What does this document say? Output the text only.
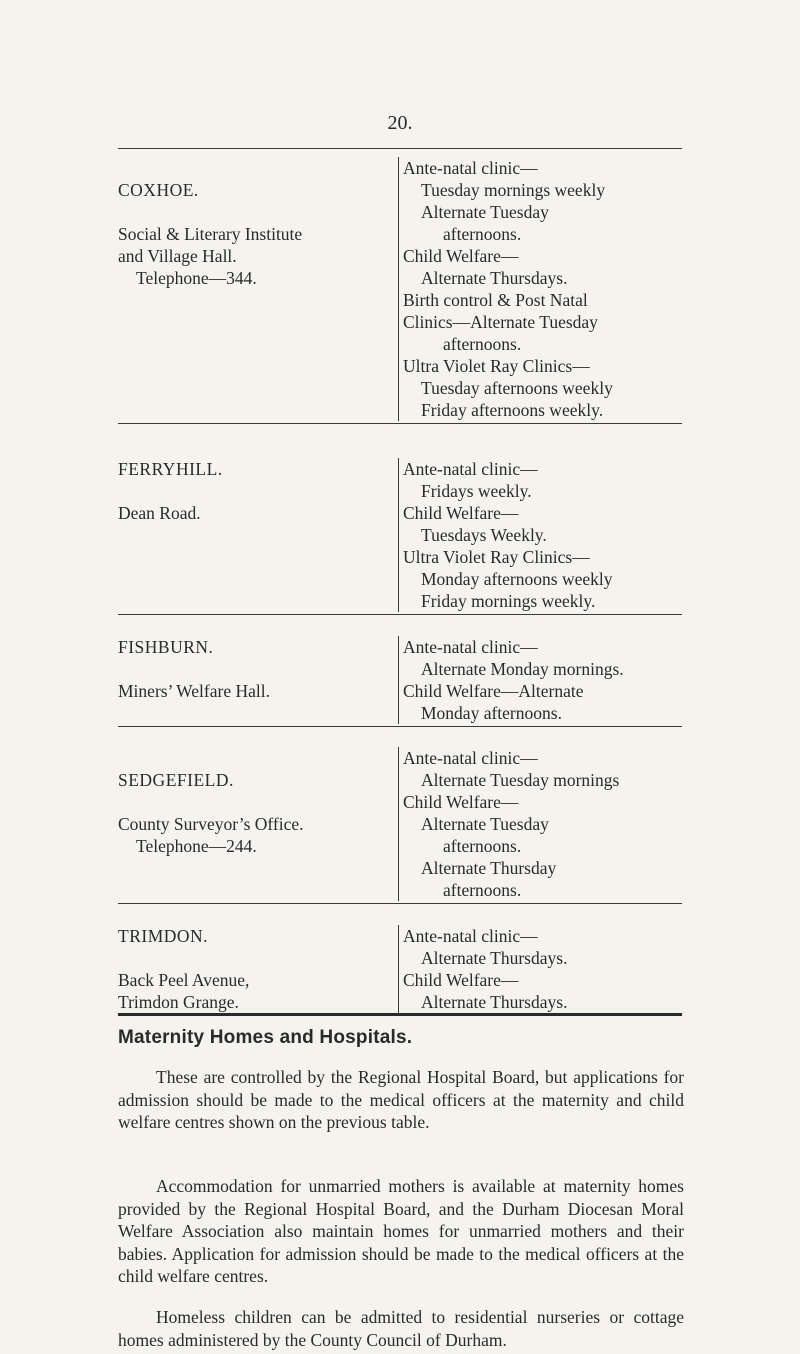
20.
COXHOE.

Social & Literary Institute
and Village Hall.
Telephone—344.
Ante-natal clinic—
Tuesday mornings weekly
Alternate Tuesday
afternoons.
Child Welfare—
Alternate Thursdays.
Birth control & Post Natal
Clinics—Alternate Tuesday
afternoons.
Ultra Violet Ray Clinics—
Tuesday afternoons weekly
Friday afternoons weekly.
FERRYHILL.

Dean Road.
Ante-natal clinic—
Fridays weekly.
Child Welfare—
Tuesdays Weekly.
Ultra Violet Ray Clinics—
Monday afternoons weekly
Friday mornings weekly.
FISHBURN.

Miners’ Welfare Hall.
Ante-natal clinic—
Alternate Monday mornings.
Child Welfare—Alternate
Monday afternoons.

SEDGEFIELD.

County Surveyor’s Office.
Telephone—244.
Ante-natal clinic—
Alternate Tuesday mornings
Child Welfare—
Alternate Tuesday
afternoons.
Alternate Thursday
afternoons.
TRIMDON.

Back Peel Avenue,
Trimdon Grange.
Ante-natal clinic—
Alternate Thursdays.
Child Welfare—
Alternate Thursdays.
Maternity Homes and Hospitals.

These are controlled by the Regional Hospital Board, but applications for admission should be made to the medical officers at the maternity and child welfare centres shown on the previous table.

Accommodation for unmarried mothers is available at maternity homes provided by the Regional Hospital Board, and the Durham Diocesan Moral Welfare Association also maintain homes for unmarried mothers and their babies. Application for admission should be made to the medical officers at the child welfare centres.

Homeless children can be admitted to residential nurseries or cottage homes administered by the County Council of Durham.
